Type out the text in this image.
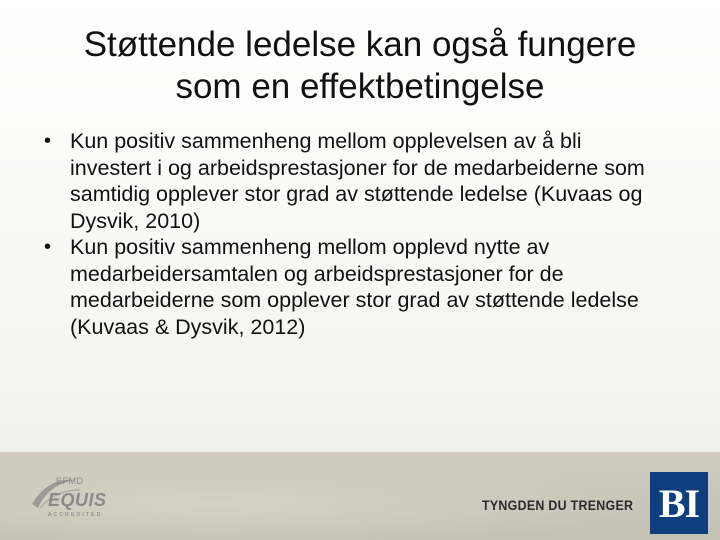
Støttende ledelse kan også fungere
som en effektbetingelse
• Kun positiv sammenheng mellom opplevelsen av å bli investert i og arbeidsprestasjoner for de medarbeiderne som samtidig opplever stor grad av støttende ledelse (Kuvaas og Dysvik, 2010)
• Kun positiv sammenheng mellom opplevd nytte av medarbeidersamtalen og arbeidsprestasjoner for de medarbeiderne som opplever stor grad av støttende ledelse (Kuvaas & Dysvik, 2012)
EFMD
EQUIS
ACCREDITED
TYNGDEN DU TRENGER BI
